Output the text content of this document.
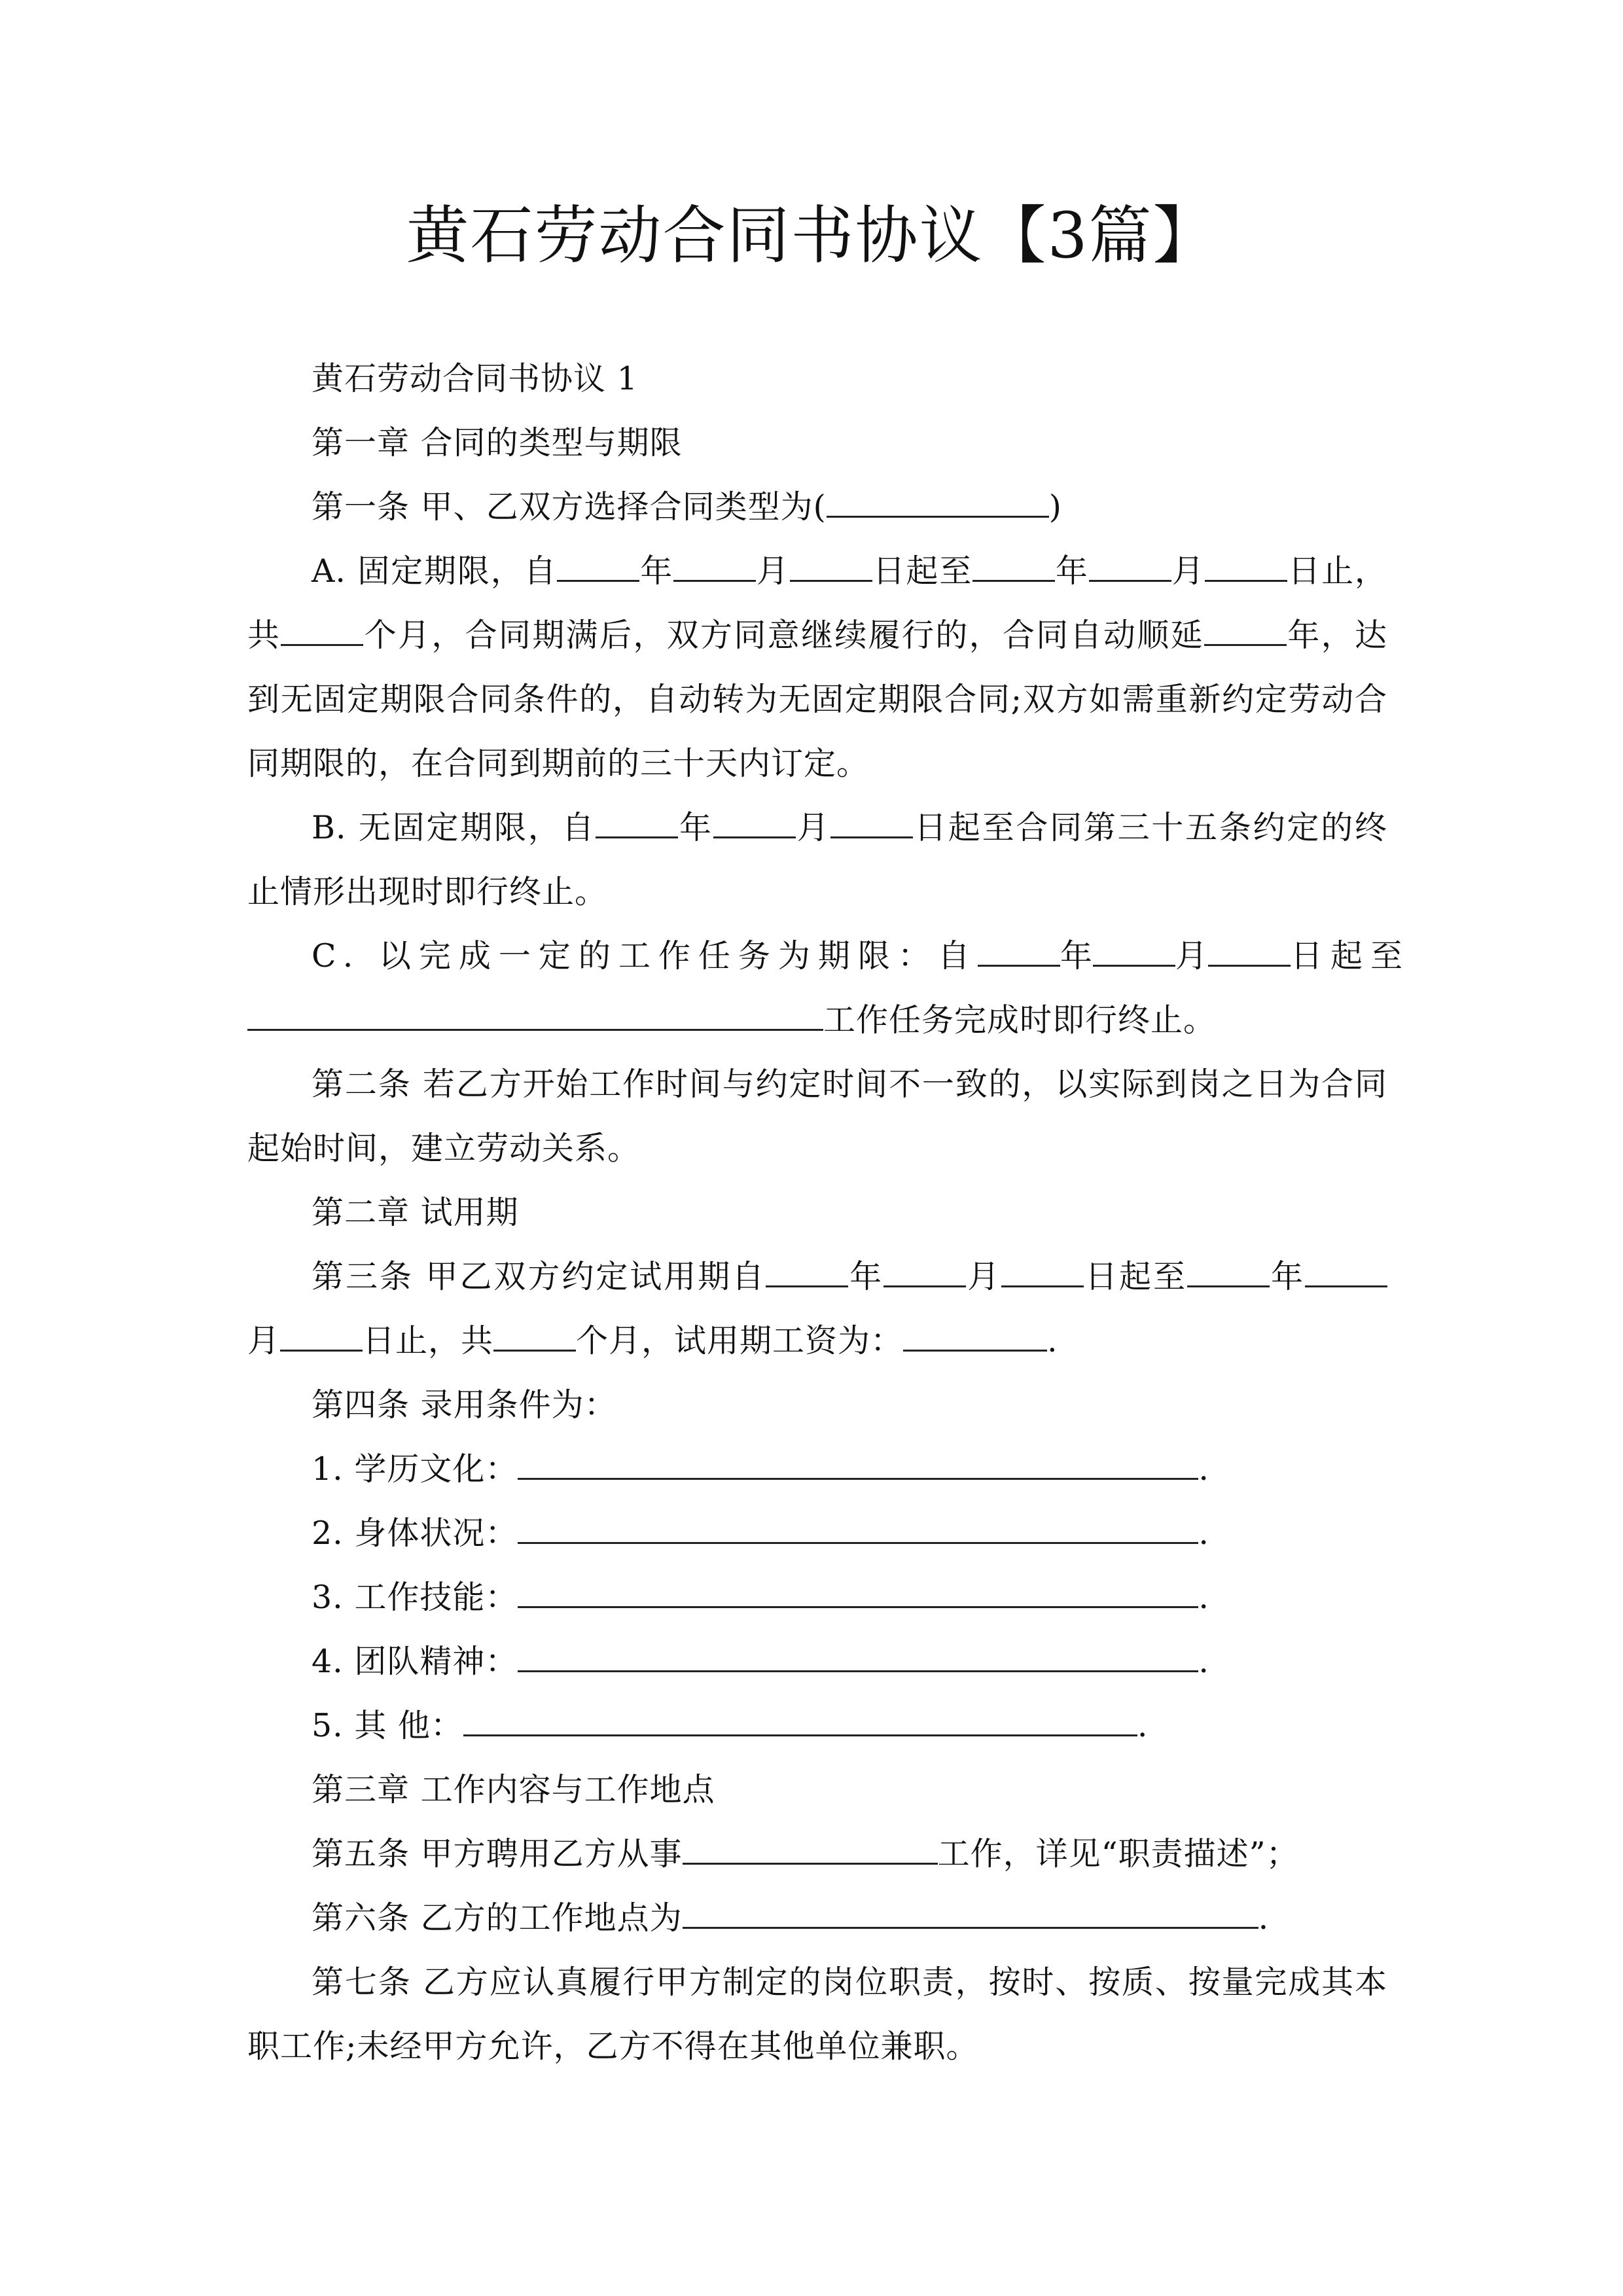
黄石劳动合同书协议【3篇】

黄石劳动合同书协议 1

第一章 合同的类型与期限

第一条 甲、乙双方选择合同类型为(	)

A. 固定期限，自	年	月	日起至	年	月	日止，共	个月，合同期满后，双方同意继续履行的，合同自动顺延	年，达到无固定期限合同条件的，自动转为无固定期限合同;双方如需重新约定劳动合同期限的，在合同到期前的三十天内订定。

B. 无固定期限，自	年	月	日起至合同第三十五条约定的终止情形出现时即行终止。

C. 以完成一定的工作任务为期限：自	年	月	日起至

工作任务完成时即行终止。

第二条 若乙方开始工作时间与约定时间不一致的，以实际到岗之日为合同起始时间，建立劳动关系。

第二章 试用期

第三条 甲乙双方约定试用期自	年	月	日起至	年月	日止，共	个月，试用期工资为：	.

第四条 录用条件为：

1. 学历文化：	.

2. 身体状况：	.

3. 工作技能：	.

4. 团队精神：	.

5. 其 他：	.

第三章 工作内容与工作地点

第五条 甲方聘用乙方从事	工作，详见“职责描述”；

第六条 乙方的工作地点为	.

第七条 乙方应认真履行甲方制定的岗位职责，按时、按质、按量完成其本职工作;未经甲方允许，乙方不得在其他单位兼职。
